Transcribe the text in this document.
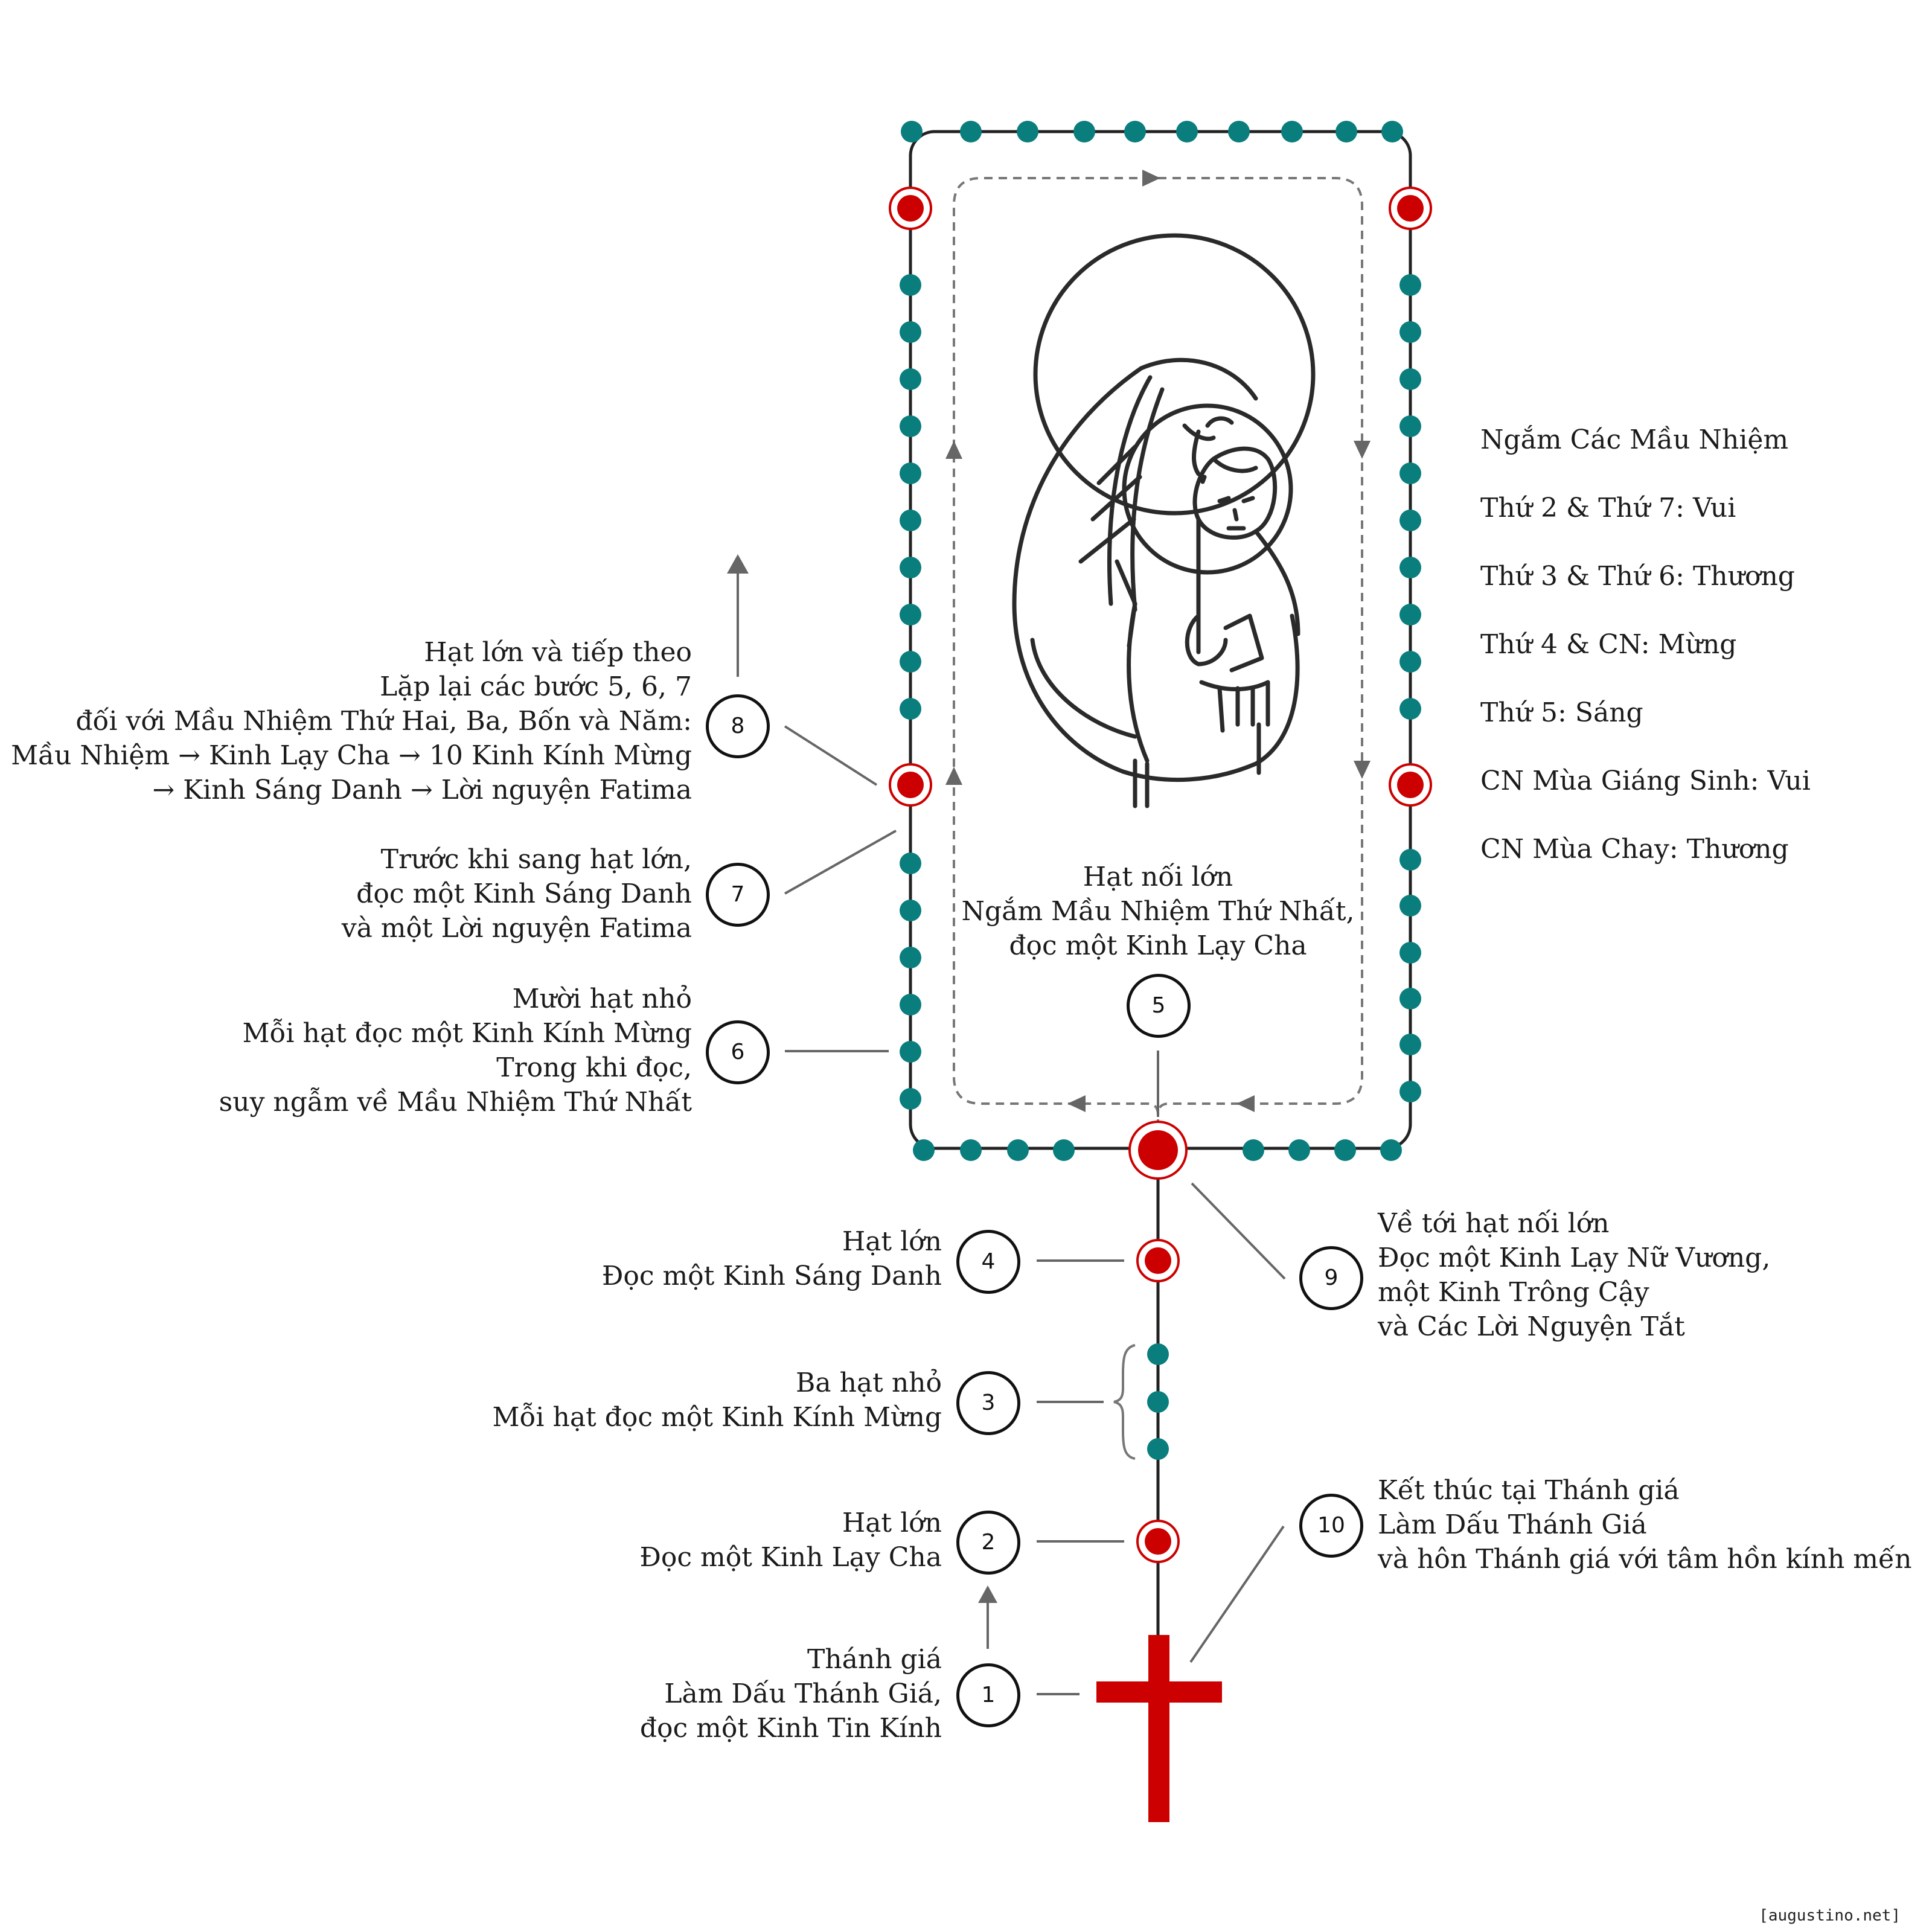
Hạt lớn và tiếp theo
Lặp lại các bước 5, 6, 7
đối với Mầu Nhiệm Thứ Hai, Ba, Bốn và Năm:
Mầu Nhiệm → Kinh Lạy Cha → 10 Kinh Kính Mừng
→ Kinh Sáng Danh → Lời nguyện Fatima
Trước khi sang hạt lớn,
đọc một Kinh Sáng Danh
và một Lời nguyện Fatima
Mười hạt nhỏ
Mỗi hạt đọc một Kinh Kính Mừng
Trong khi đọc,
suy ngẫm về Mầu Nhiệm Thứ Nhất
Hạt nối lớn
Ngắm Mầu Nhiệm Thứ Nhất,
đọc một Kinh Lạy Cha
Hạt lớn
Đọc một Kinh Sáng Danh
Ba hạt nhỏ
Mỗi hạt đọc một Kinh Kính Mừng
Hạt lớn
Đọc một Kinh Lạy Cha
Thánh giá
Làm Dấu Thánh Giá,
đọc một Kinh Tin Kính
Về tới hạt nối lớn
Đọc một Kinh Lạy Nữ Vương,
một Kinh Trông Cậy
và Các Lời Nguyện Tắt
Kết thúc tại Thánh giá
Làm Dấu Thánh Giá
và hôn Thánh giá với tâm hồn kính mến
8
7
6
5
4
3
2
1
9
10
Ngắm Các Mầu Nhiệm
Thứ 2 & Thứ 7: Vui
Thứ 3 & Thứ 6: Thương
Thứ 4 & CN: Mừng
Thứ 5: Sáng
CN Mùa Giáng Sinh: Vui
CN Mùa Chay: Thương
[augustino.net]
